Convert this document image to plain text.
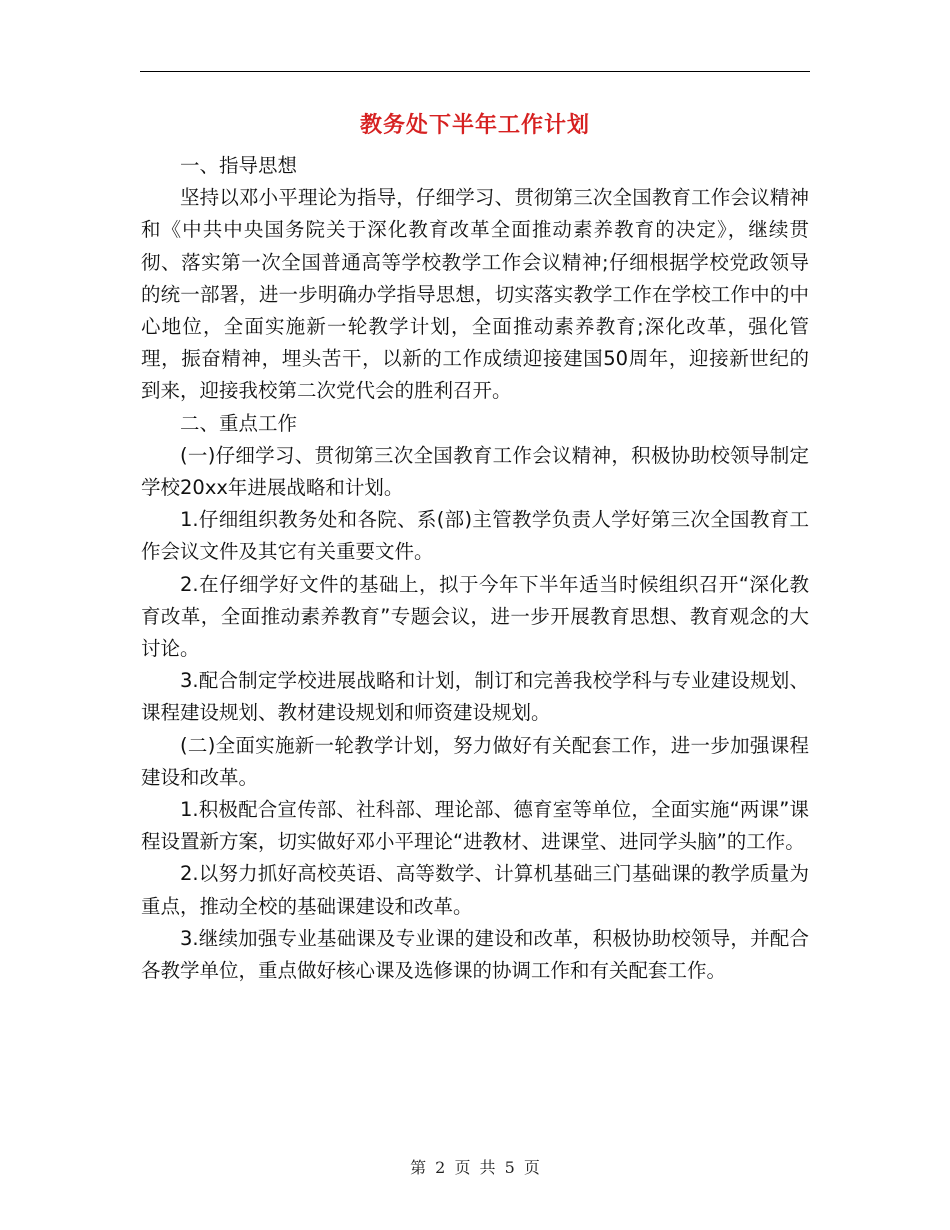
教务处下半年工作计划

一、指导思想

坚持以邓小平理论为指导，仔细学习、贯彻第三次全国教育工作会议精神和《中共中央国务院关于深化教育改革全面推动素养教育的决定》，继续贯彻、落实第一次全国普通高等学校教学工作会议精神;仔细根据学校党政领导的统一部署，进一步明确办学指导思想，切实落实教学工作在学校工作中的中心地位，全面实施新一轮教学计划，全面推动素养教育;深化改革，强化管理，振奋精神，埋头苦干，以新的工作成绩迎接建国50周年，迎接新世纪的到来，迎接我校第二次党代会的胜利召开。

二、重点工作

(一)仔细学习、贯彻第三次全国教育工作会议精神，积极协助校领导制定学校20xx年进展战略和计划。

1.仔细组织教务处和各院、系(部)主管教学负责人学好第三次全国教育工作会议文件及其它有关重要文件。

2.在仔细学好文件的基础上，拟于今年下半年适当时候组织召开“深化教育改革，全面推动素养教育”专题会议，进一步开展教育思想、教育观念的大讨论。

3.配合制定学校进展战略和计划，制订和完善我校学科与专业建设规划、课程建设规划、教材建设规划和师资建设规划。

(二)全面实施新一轮教学计划，努力做好有关配套工作，进一步加强课程建设和改革。

1.积极配合宣传部、社科部、理论部、德育室等单位，全面实施“两课”课程设置新方案，切实做好邓小平理论“进教材、进课堂、进同学头脑”的工作。

2.以努力抓好高校英语、高等数学、计算机基础三门基础课的教学质量为重点，推动全校的基础课建设和改革。

3.继续加强专业基础课及专业课的建设和改革，积极协助校领导，并配合各教学单位，重点做好核心课及选修课的协调工作和有关配套工作。

第 2 页 共 5 页
